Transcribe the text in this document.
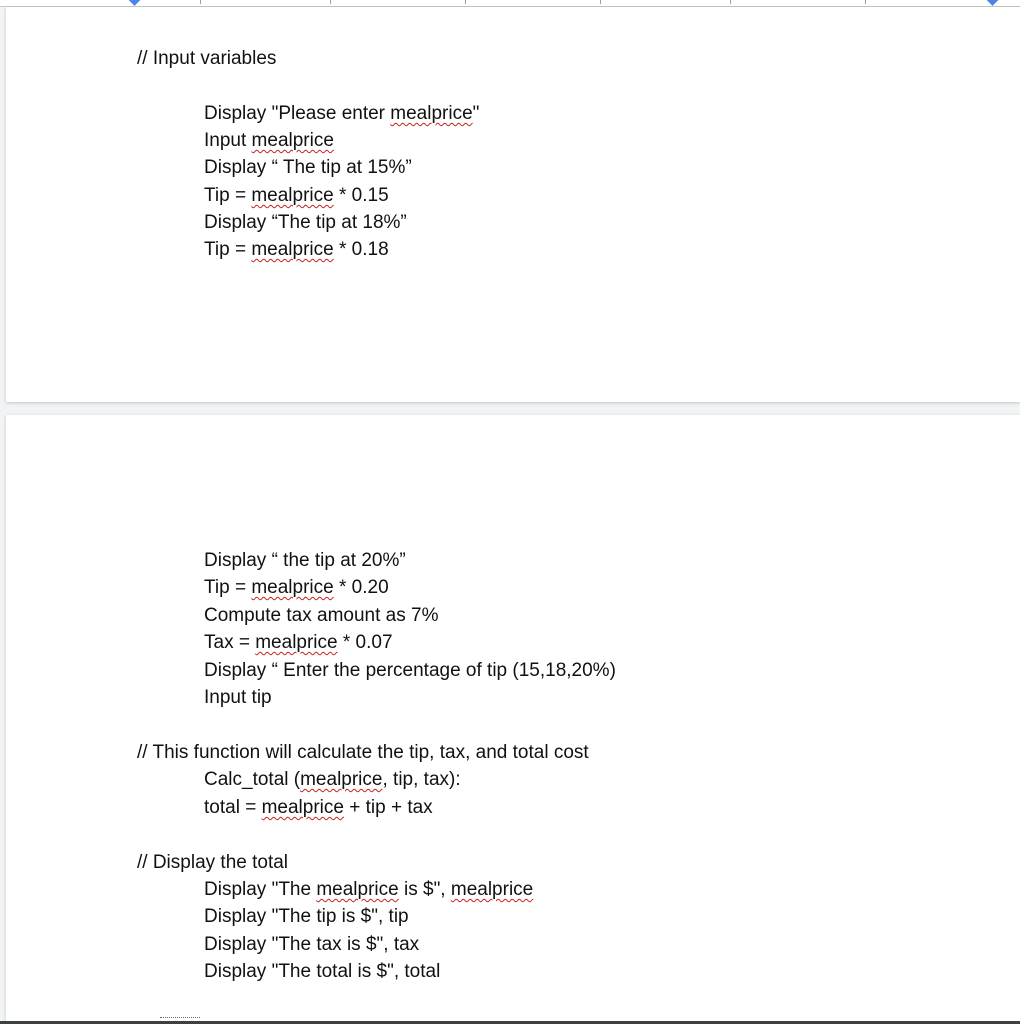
// Input variables

Display "Please enter mealprice"

Input mealprice

Display “ The tip at 15%”

Tip = mealprice * 0.15

Display “The tip at 18%”

Tip = mealprice * 0.18

Display “ the tip at 20%”

Tip = mealprice * 0.20

Compute tax amount as 7%

Tax = mealprice * 0.07

Display “ Enter the percentage of tip (15,18,20%)

Input tip

// This function will calculate the tip, tax, and total cost

Calc_total (mealprice, tip, tax):

total = mealprice + tip + tax

// Display the total

Display "The mealprice is $", mealprice

Display "The tip is $", tip

Display "The tax is $", tax

Display "The total is $", total
